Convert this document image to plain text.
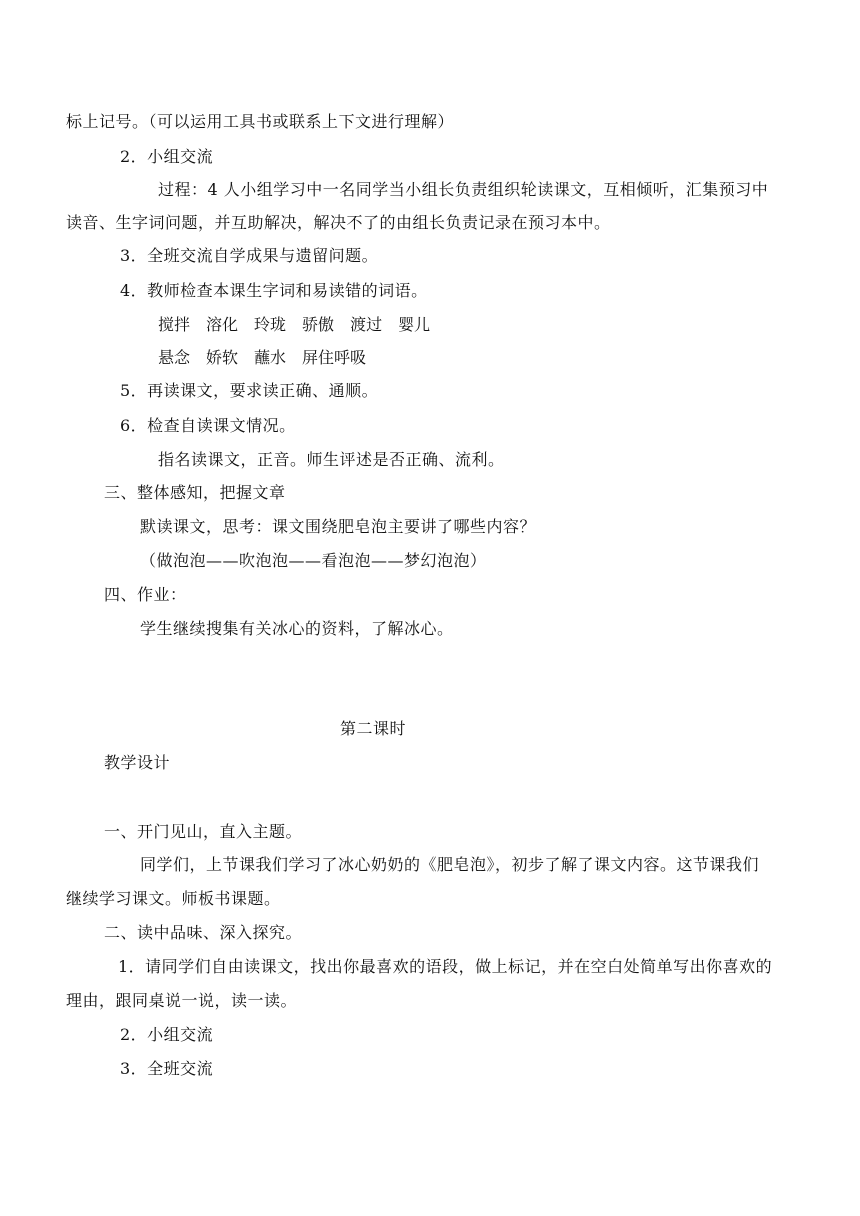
标上记号。（可以运用工具书或联系上下文进行理解）
2．小组交流
过程：4 人小组学习中一名同学当小组长负责组织轮读课文，互相倾听，汇集预习中
读音、生字词问题，并互助解决，解决不了的由组长负责记录在预习本中。
3．全班交流自学成果与遗留问题。
4．教师检查本课生字词和易读错的词语。
搅拌 溶化 玲珑 骄傲 渡过 婴儿
悬念 娇软 蘸水 屏住呼吸
5．再读课文，要求读正确、通顺。
6．检查自读课文情况。
指名读课文，正音。师生评述是否正确、流利。
三、整体感知，把握文章
默读课文，思考：课文围绕肥皂泡主要讲了哪些内容？
（做泡泡——吹泡泡——看泡泡——梦幻泡泡）
四、作业：
学生继续搜集有关冰心的资料，了解冰心。
第二课时
教学设计
一、开门见山，直入主题。
同学们，上节课我们学习了冰心奶奶的《肥皂泡》，初步了解了课文内容。这节课我们
继续学习课文。师板书课题。
二、读中品味、深入探究。
1．请同学们自由读课文，找出你最喜欢的语段，做上标记，并在空白处简单写出你喜欢的
理由，跟同桌说一说，读一读。
2．小组交流
3．全班交流
